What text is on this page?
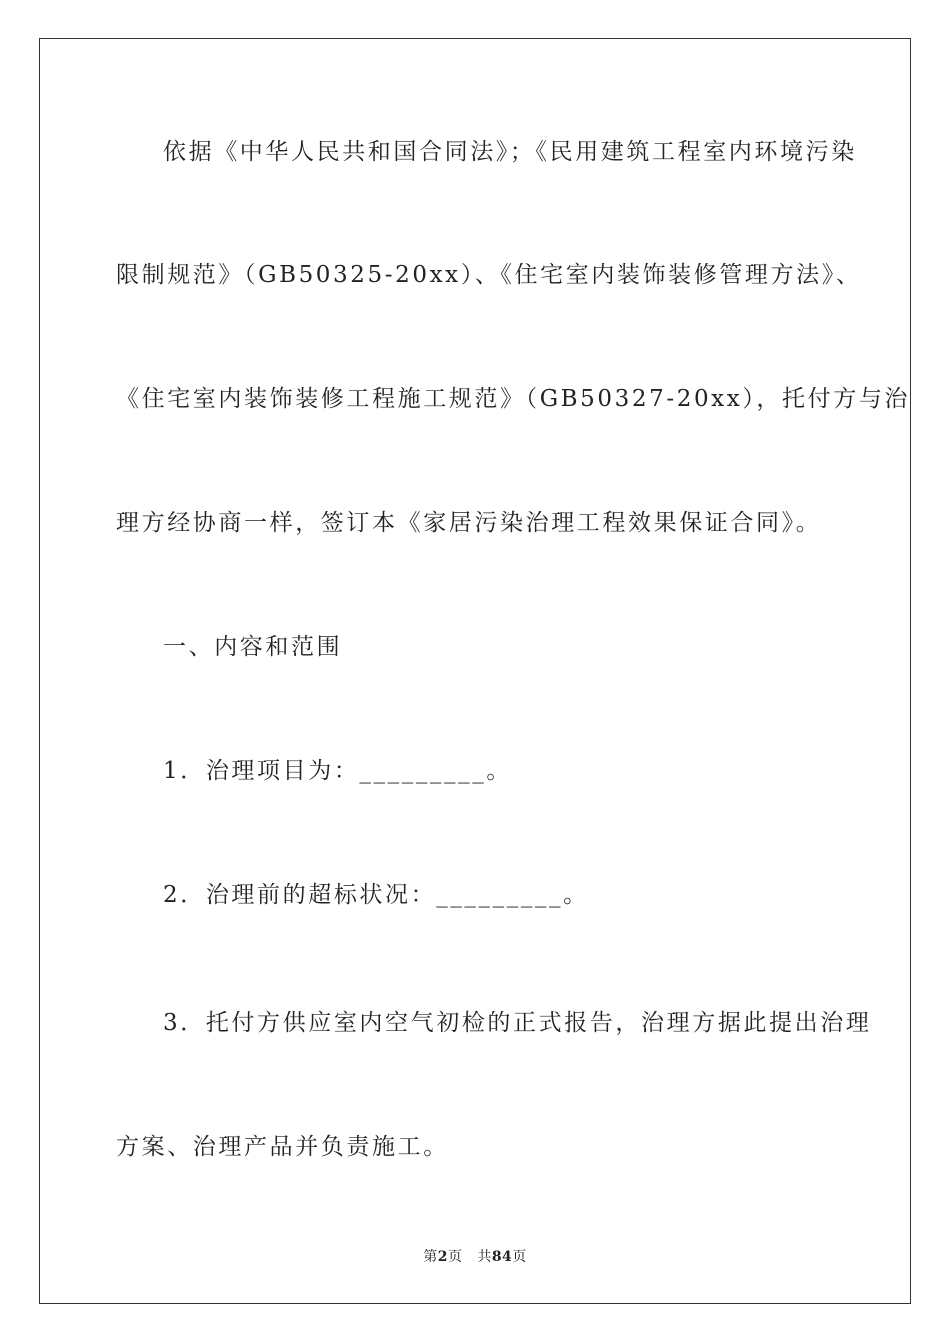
依据《中华人民共和国合同法》；《民用建筑工程室内环境污染
限制规范》（GB50325-20xx）、《住宅室内装饰装修管理方法》、
《住宅室内装饰装修工程施工规范》（GB50327-20xx），托付方与治
理方经协商一样，签订本《家居污染治理工程效果保证合同》。
一、内容和范围
1．治理项目为：_________。
2．治理前的超标状况：_________。
3．托付方供应室内空气初检的正式报告，治理方据此提出治理
方案、治理产品并负责施工。
第2页 共84页
